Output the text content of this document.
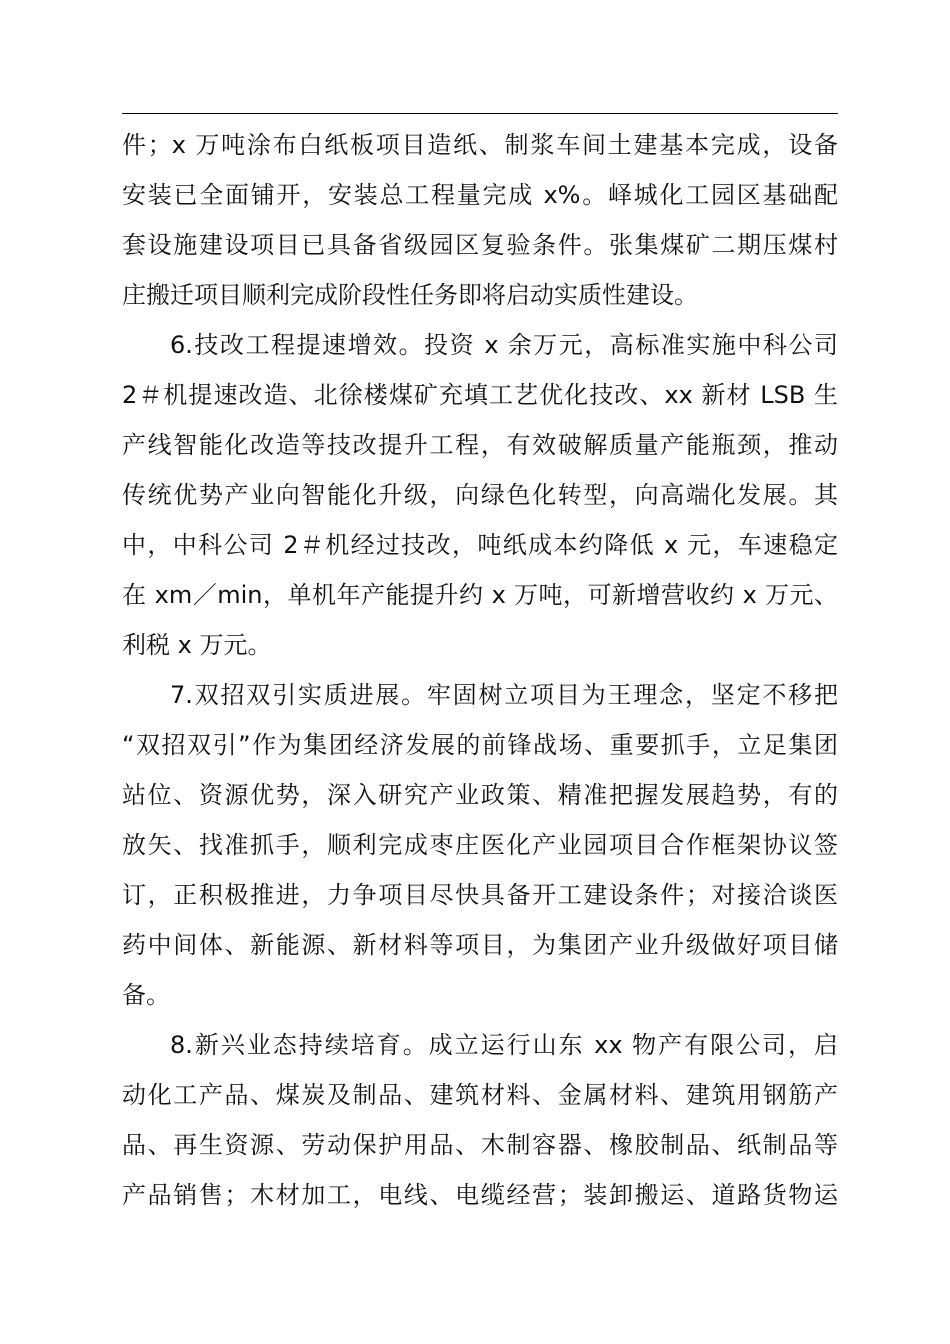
件；x 万吨涂布白纸板项目造纸、制浆车间土建基本完成，设备
安装已全面铺开，安装总工程量完成 x%。峄城化工园区基础配
套设施建设项目已具备省级园区复验条件。张集煤矿二期压煤村
庄搬迁项目顺利完成阶段性任务即将启动实质性建设。
6.技改工程提速增效。投资 x 余万元，高标准实施中科公司
2＃机提速改造、北徐楼煤矿充填工艺优化技改、xx 新材 LSB 生
产线智能化改造等技改提升工程，有效破解质量产能瓶颈，推动
传统优势产业向智能化升级，向绿色化转型，向高端化发展。其
中，中科公司 2＃机经过技改，吨纸成本约降低 x 元，车速稳定
在 xm／min，单机年产能提升约 x 万吨，可新增营收约 x 万元、
利税 x 万元。
7.双招双引实质进展。牢固树立项目为王理念，坚定不移把
“双招双引”作为集团经济发展的前锋战场、重要抓手，立足集团
站位、资源优势，深入研究产业政策、精准把握发展趋势，有的
放矢、找准抓手，顺利完成枣庄医化产业园项目合作框架协议签
订，正积极推进，力争项目尽快具备开工建设条件；对接洽谈医
药中间体、新能源、新材料等项目，为集团产业升级做好项目储
备。
8.新兴业态持续培育。成立运行山东 xx 物产有限公司，启
动化工产品、煤炭及制品、建筑材料、金属材料、建筑用钢筋产
品、再生资源、劳动保护用品、木制容器、橡胶制品、纸制品等
产品销售；木材加工，电线、电缆经营；装卸搬运、道路货物运
